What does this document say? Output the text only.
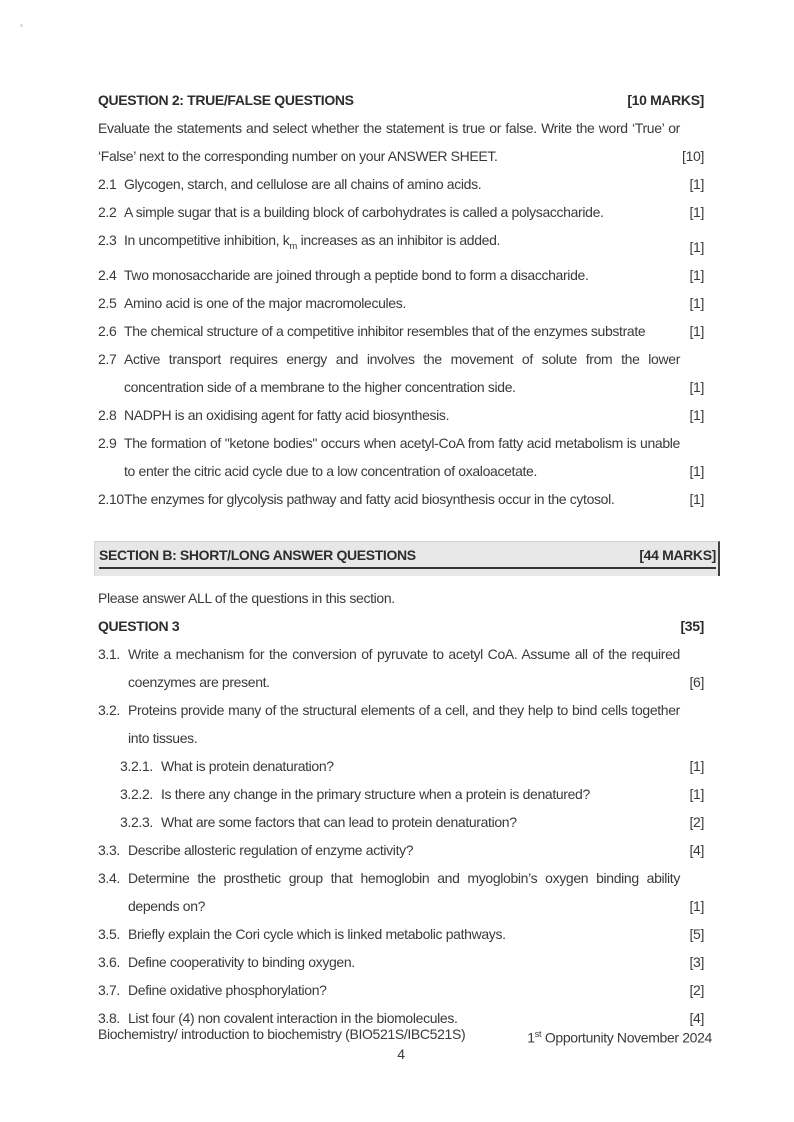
QUESTION 2: TRUE/FALSE QUESTIONS	[10 MARKS]
Evaluate the statements and select whether the statement is true or false. Write the word ‘True’ or ‘False’ next to the corresponding number on your ANSWER SHEET.	[10]
2.1 Glycogen, starch, and cellulose are all chains of amino acids.	[1]
2.2 A simple sugar that is a building block of carbohydrates is called a polysaccharide.	[1]
2.3 In uncompetitive inhibition, $k_m$ increases as an inhibitor is added.	[1]
2.4 Two monosaccharide are joined through a peptide bond to form a disaccharide.	[1]
2.5 Amino acid is one of the major macromolecules.	[1]
2.6 The chemical structure of a competitive inhibitor resembles that of the enzymes substrate	[1]
2.7 Active transport requires energy and involves the movement of solute from the lower concentration side of a membrane to the higher concentration side.	[1]
2.8 NADPH is an oxidising agent for fatty acid biosynthesis.	[1]
2.9 The formation of "ketone bodies" occurs when acetyl-CoA from fatty acid metabolism is unable to enter the citric acid cycle due to a low concentration of oxaloacetate.	[1]
2.10 The enzymes for glycolysis pathway and fatty acid biosynthesis occur in the cytosol.	[1]
SECTION B: SHORT/LONG ANSWER QUESTIONS	[44 MARKS]

Please answer ALL of the questions in this section.

QUESTION 3	[35]
3.1. Write a mechanism for the conversion of pyruvate to acetyl CoA. Assume all of the required coenzymes are present.	[6]
3.2. Proteins provide many of the structural elements of a cell, and they help to bind cells together into tissues.
3.2.1. What is protein denaturation?	[1]
3.2.2. Is there any change in the primary structure when a protein is denatured?	[1]
3.2.3. What are some factors that can lead to protein denaturation?	[2]
3.3. Describe allosteric regulation of enzyme activity?	[4]
3.4. Determine the prosthetic group that hemoglobin and myoglobin’s oxygen binding ability depends on?	[1]
3.5. Briefly explain the Cori cycle which is linked metabolic pathways.	[5]
3.6. Define cooperativity to binding oxygen.	[3]
3.7. Define oxidative phosphorylation?	[2]
3.8. List four (4) non covalent interaction in the biomolecules.	[4]
Biochemistry/ introduction to biochemistry (BIO521S/IBC521S)	1st Opportunity November 2024
4
